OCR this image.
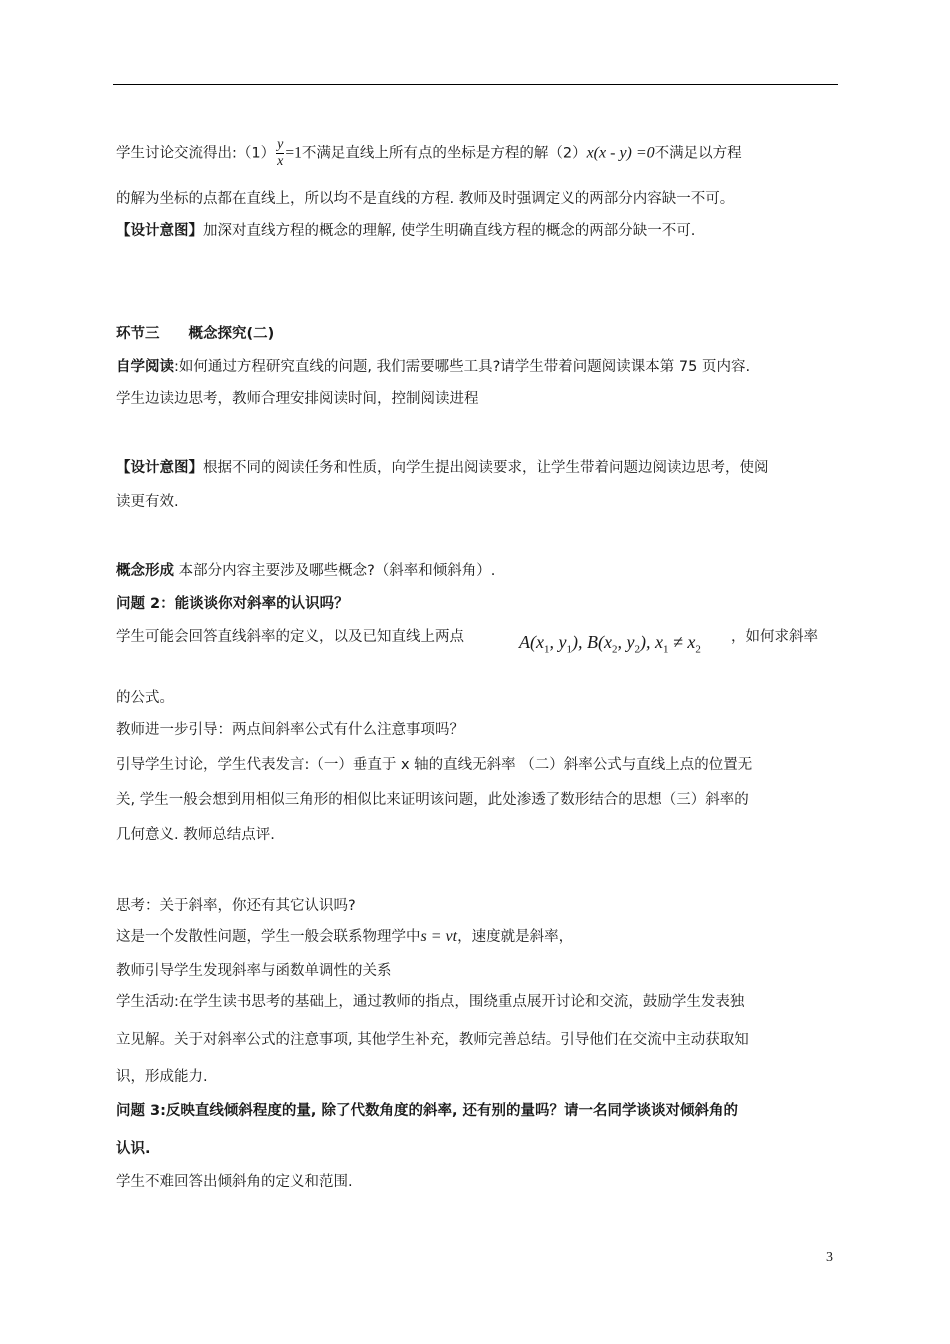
学生讨论交流得出:（1） $\frac{y}{x} =1$不满足直线上所有点的坐标是方程的解（2）x(x - y) =0不满足以方程
的解为坐标的点都在直线上，所以均不是直线的方程. 教师及时强调定义的两部分内容缺一不可。
【设计意图】加深对直线方程的概念的理解, 使学生明确直线方程的概念的两部分缺一不可.
环节三　　概念探究(二)
自学阅读:如何通过方程研究直线的问题, 我们需要哪些工具?请学生带着问题阅读课本第 75 页内容.
学生边读边思考，教师合理安排阅读时间，控制阅读进程
【设计意图】根据不同的阅读任务和性质，向学生提出阅读要求，让学生带着问题边阅读边思考，使阅
读更有效.
概念形成 本部分内容主要涉及哪些概念?（斜率和倾斜角）.
问题 2：能谈谈你对斜率的认识吗？
学生可能会回答直线斜率的定义，以及已知直线上两点	$A(x_1$, $y_1$), $B(x_2$, $y_2$), $x_1 \ne x_2$
，如何求斜率
的公式。
教师进一步引导：两点间斜率公式有什么注意事项吗？
引导学生讨论，学生代表发言:（一）垂直于 x 轴的直线无斜率 （二）斜率公式与直线上点的位置无
关, 学生一般会想到用相似三角形的相似比来证明该问题，此处渗透了数形结合的思想（三）斜率的
几何意义. 教师总结点评.
思考：关于斜率，你还有其它认识吗?
这是一个发散性问题，学生一般会联系物理学中s = vt，速度就是斜率，
教师引导学生发现斜率与函数单调性的关系
学生活动:在学生读书思考的基础上，通过教师的指点，围绕重点展开讨论和交流，鼓励学生发表独
立见解。关于对斜率公式的注意事项, 其他学生补充，教师完善总结。引导他们在交流中主动获取知
识，形成能力.
问题 3:反映直线倾斜程度的量, 除了代数角度的斜率, 还有别的量吗？请一名同学谈谈对倾斜角的
认识.
学生不难回答出倾斜角的定义和范围.
3
